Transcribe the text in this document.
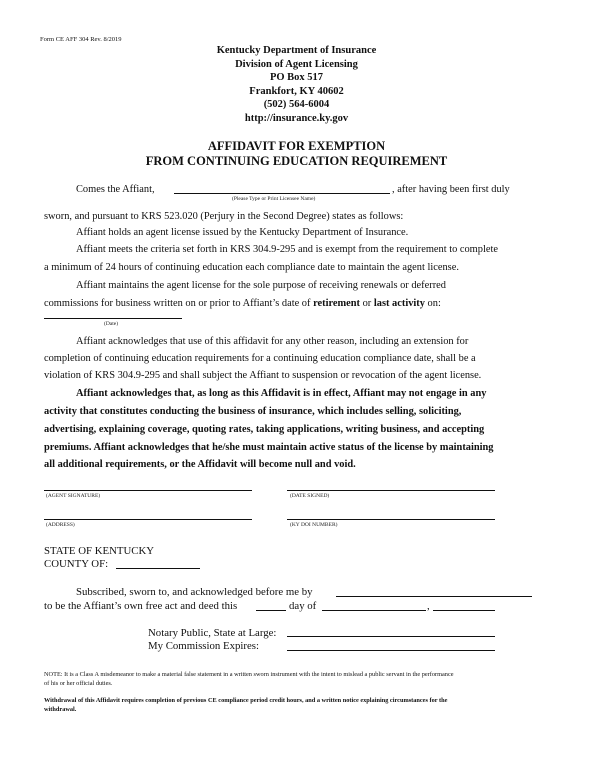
Form CE AFF 304 Rev. 8/2019
Kentucky Department of Insurance
Division of Agent Licensing
PO Box 517
Frankfort, KY 40602
(502) 564-6004
http://insurance.ky.gov
AFFIDAVIT FOR EXEMPTION
FROM CONTINUING EDUCATION REQUIREMENT
Comes the Affiant,
(Please Type or Print Licensee Name)
, after having been first duly
sworn, and pursuant to KRS 523.020 (Perjury in the Second Degree) states as follows:
Affiant holds an agent license issued by the Kentucky Department of Insurance.
Affiant meets the criteria set forth in KRS 304.9-295 and is exempt from the requirement to complete
a minimum of 24 hours of continuing education each compliance date to maintain the agent license.
Affiant maintains the agent license for the sole purpose of receiving renewals or deferred
commissions for business written on or prior to Affiant’s date of retirement or last activity on:
(Date)
Affiant acknowledges that use of this affidavit for any other reason, including an extension for
completion of continuing education requirements for a continuing education compliance date, shall be a
violation of KRS 304.9-295 and shall subject the Affiant to suspension or revocation of the agent license.
Affiant acknowledges that, as long as this Affidavit is in effect, Affiant may not engage in any
activity that constitutes conducting the business of insurance, which includes selling, soliciting,
advertising, explaining coverage, quoting rates, taking applications, writing business, and accepting
premiums. Affiant acknowledges that he/she must maintain active status of the license by maintaining
all additional requirements, or the Affidavit will become null and void.
(AGENT SIGNATURE)	(DATE SIGNED)
(ADDRESS)	(KY DOI NUMBER)
STATE OF KENTUCKY
COUNTY OF:
Subscribed, sworn to, and acknowledged before me by
to be the Affiant’s own free act and deed this	day of	,
Notary Public, State at Large:
My Commission Expires:
NOTE: It is a Class A misdemeanor to make a material false statement in a written sworn instrument with the intent to mislead a public servant in the performance
of his or her official duties.
Withdrawal of this Affidavit requires completion of previous CE compliance period credit hours, and a written notice explaining circumstances for the
withdrawal.
